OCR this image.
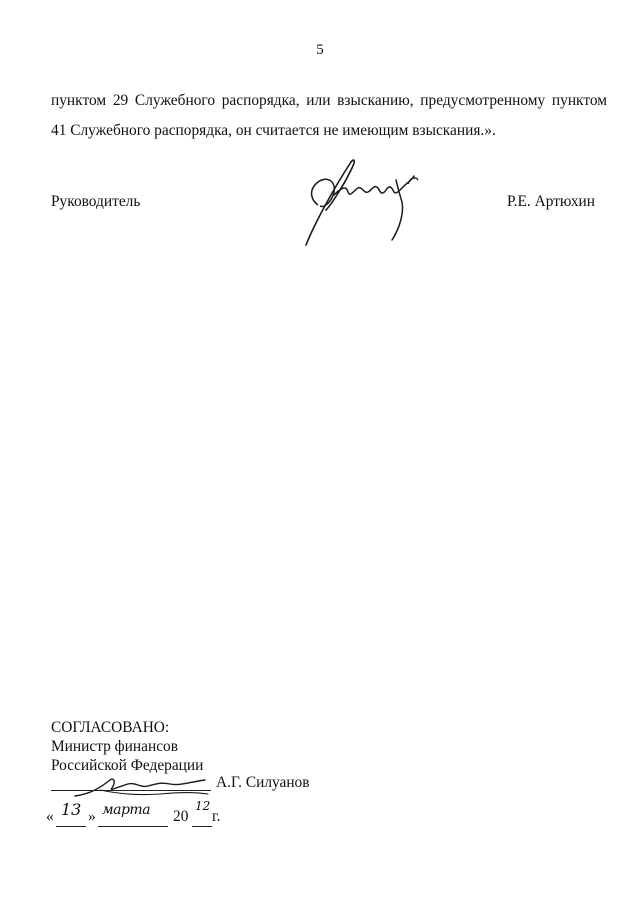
5
пунктом 29 Служебного распорядка, или взысканию, предусмотренному пунктом
41 Служебного распорядка, он считается не имеющим взыскания.».
Руководитель	Р.Е. Артюхин
СОГЛАСОВАНО:
Министр финансов
Российской Федерации
А.Г. Силуанов
« 13 » марта 20
12
г.
